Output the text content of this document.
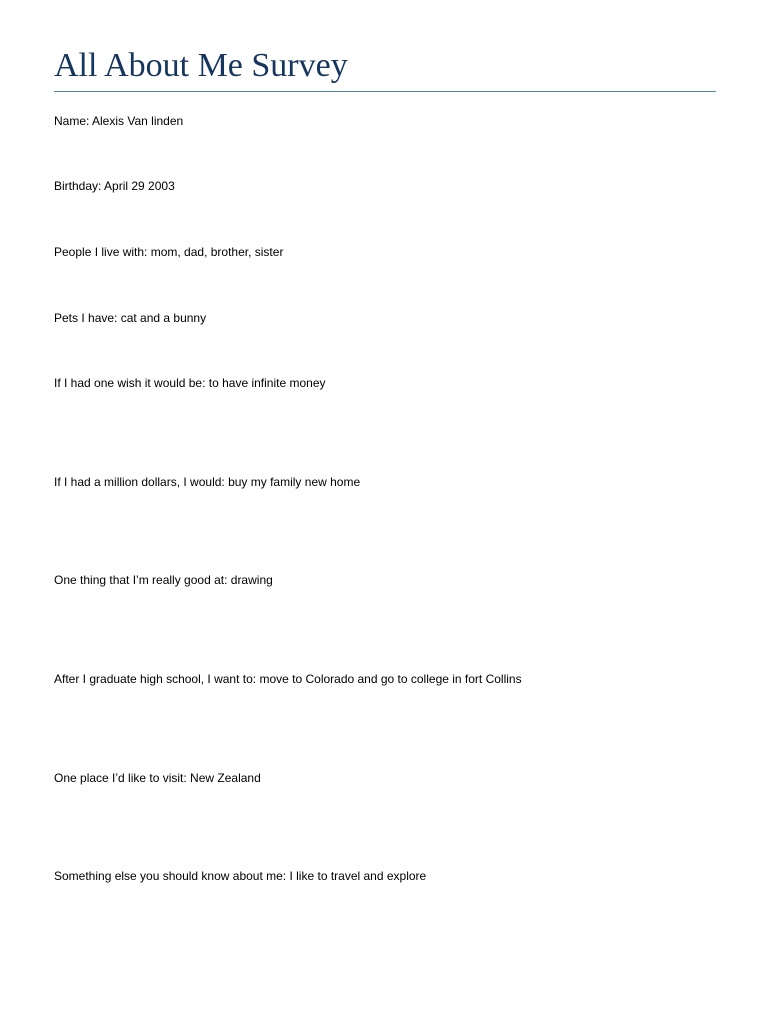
All About Me Survey

Name: Alexis Van linden

Birthday: April 29 2003

People I live with: mom, dad, brother, sister

Pets I have: cat and a bunny

If I had one wish it would be: to have infinite money

If I had a million dollars, I would: buy my family new home

One thing that I’m really good at: drawing

After I graduate high school, I want to: move to Colorado and go to college in fort Collins

One place I’d like to visit: New Zealand

Something else you should know about me: I like to travel and explore
